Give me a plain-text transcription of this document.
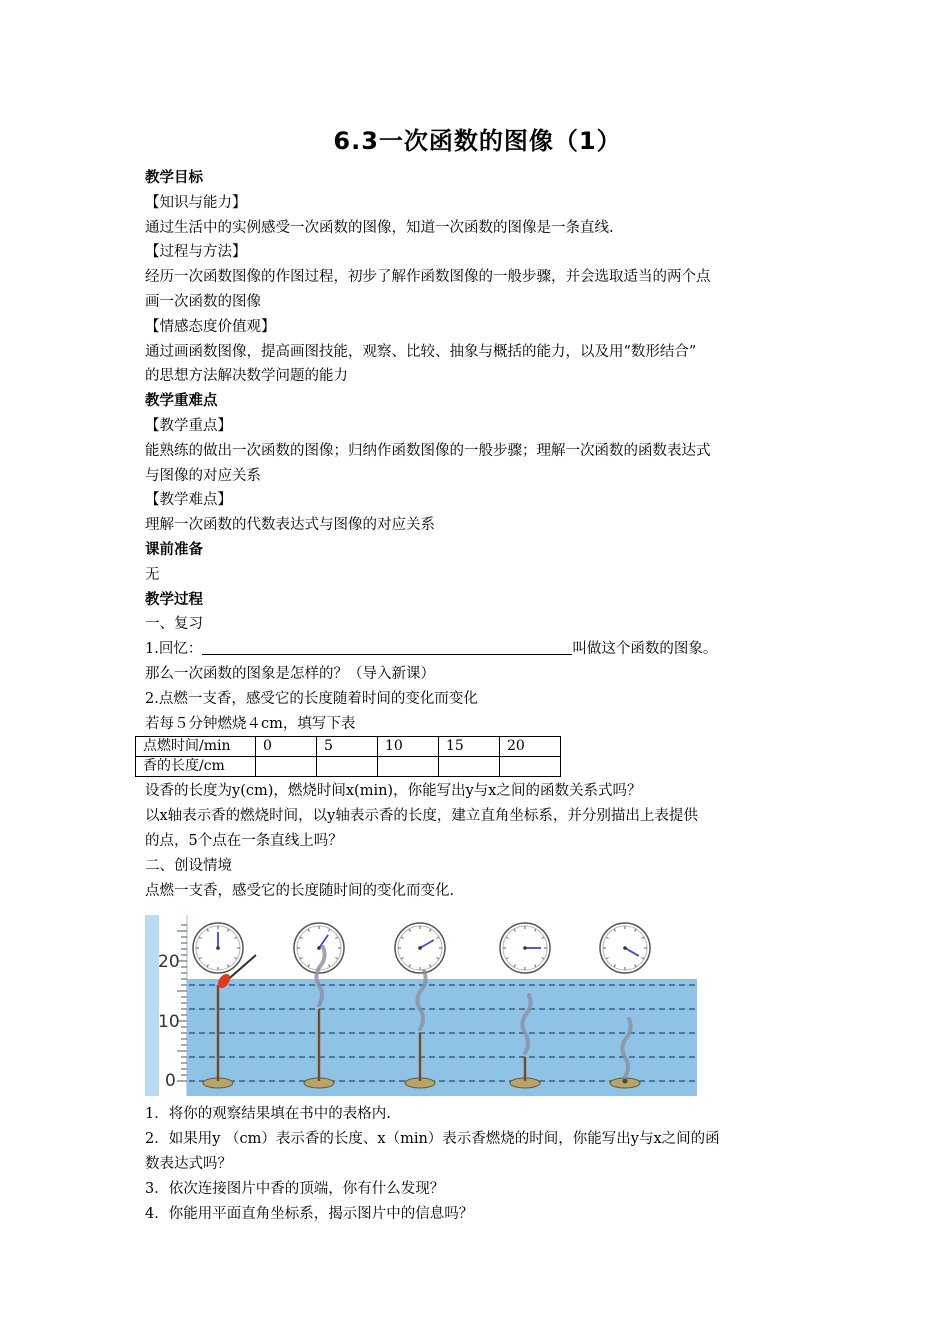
6.3一次函数的图像（1）
教学目标
【知识与能力】
通过生活中的实例感受一次函数的图像，知道一次函数的图像是一条直线.
【过程与方法】
经历一次函数图像的作图过程，初步了解作函数图像的一般步骤，并会选取适当的两个点
画一次函数的图像
【情感态度价值观】
通过画函数图像，提高画图技能，观察、比较、抽象与概括的能力，以及用“数形结合”
的思想方法解决数学问题的能力
教学重难点
【教学重点】
能熟练的做出一次函数的图像；归纳作函数图像的一般步骤；理解一次函数的函数表达式
与图像的对应关系
【教学难点】
理解一次函数的代数表达式与图像的对应关系
课前准备
无
教学过程
一、复习
1.回忆：	叫做这个函数的图象。
那么一次函数的图象是怎样的？（导入新课）
2.点燃一支香，感受它的长度随着时间的变化而变化
若每５分钟燃烧４cm，填写下表
点燃时间/min	0	5	10	15	20
香的长度/cm					
设香的长度为y(cm)，燃烧时间x(min)，你能写出y与x之间的函数关系式吗？
以x轴表示香的燃烧时间，以y轴表示香的长度，建立直角坐标系，并分别描出上表提供
的点，5个点在一条直线上吗？
二、创设情境
点燃一支香，感受它的长度随时间的变化而变化.
20
10
0
1．将你的观察结果填在书中的表格内.
2．如果用y （cm）表示香的长度、x（min）表示香燃烧的时间，你能写出y与x之间的函
数表达式吗？
3．依次连接图片中香的顶端，你有什么发现？
4．你能用平面直角坐标系，揭示图片中的信息吗？
